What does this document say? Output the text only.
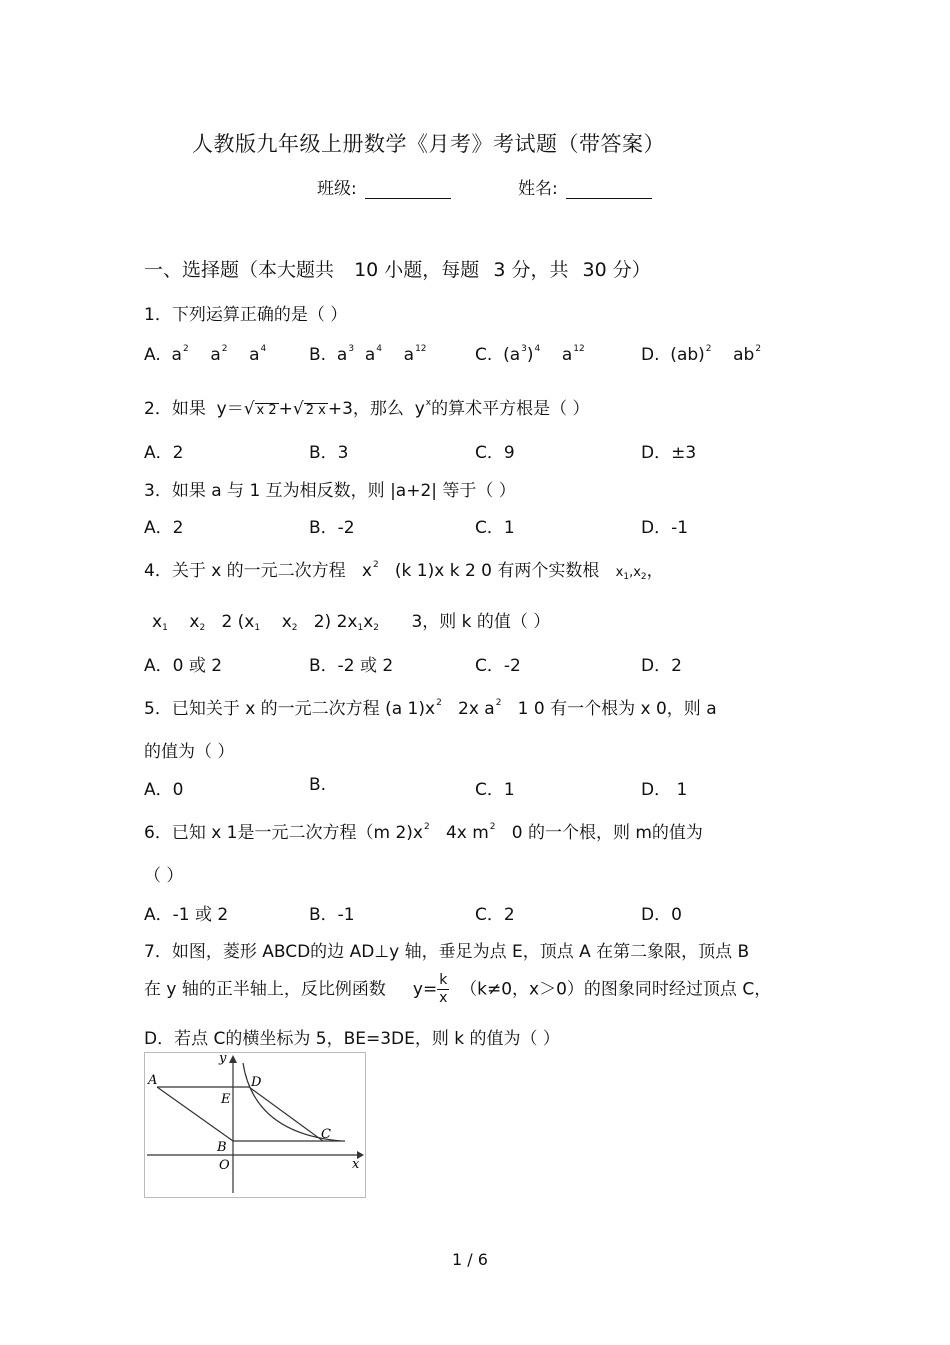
人教版九年级上册数学《月考》考试题（带答案）
班级:	姓名:
一、选择题（本大题共 10 小题，每题 3 分，共 30 分）
1．下列运算正确的是（ ）
A.  $a^2$    $a^2$    $a^4$	B.  $a^3$  $a^4$    $a^{12}$	C.  $(a^3)^4$    $a^{12}$	D.  (ab)$^2$    $ab^2$
2．如果 y＝√ x 2 +√ 2 x +3，那么 $y^x$的算术平方根是（ ）
A．2	B．3	C．9	D．±3
3．如果 a 与 1 互为相反数，则 |a+2| 等于（ ）
A．2	B．-2	C．1	D．-1
4．关于 x 的一元二次方程 $x^2$ (k 1)x k 2 0 有两个实数根 $x_1,x_2$，
x1    x2 2 (x1    x2 2) 2x1x2 3，则 k 的值（ ）
A．0 或 2	B．-2 或 2	C．-2	D．2
5．已知关于 x 的一元二次方程 (a $1)x^2$ 2x $a^2$ 1 0 有一个根为 x 0，则 a
的值为（ ）
A．0	B.	C．1	D． 1
6．已知 x 1是一元二次方程（m $2)x^2$ 4x $m^2$ 0 的一个根，则 m的值为
（ ）
A．-1 或 2	B．-1	C．2	D．0
7．如图，菱形 ABCD的边 AD⊥y 轴，垂足为点 E，顶点 A 在第二象限，顶点 B
在 y 轴的正半轴上，反比例函数 $y= \frac{k}{x} (k\ne 0$，x＞0）的图象同时经过顶点 C，
D．若点 C的横坐标为 5，BE=3DE，则 k 的值为（ ）
A	D
E
B
C
O	x
y
1 / 6
